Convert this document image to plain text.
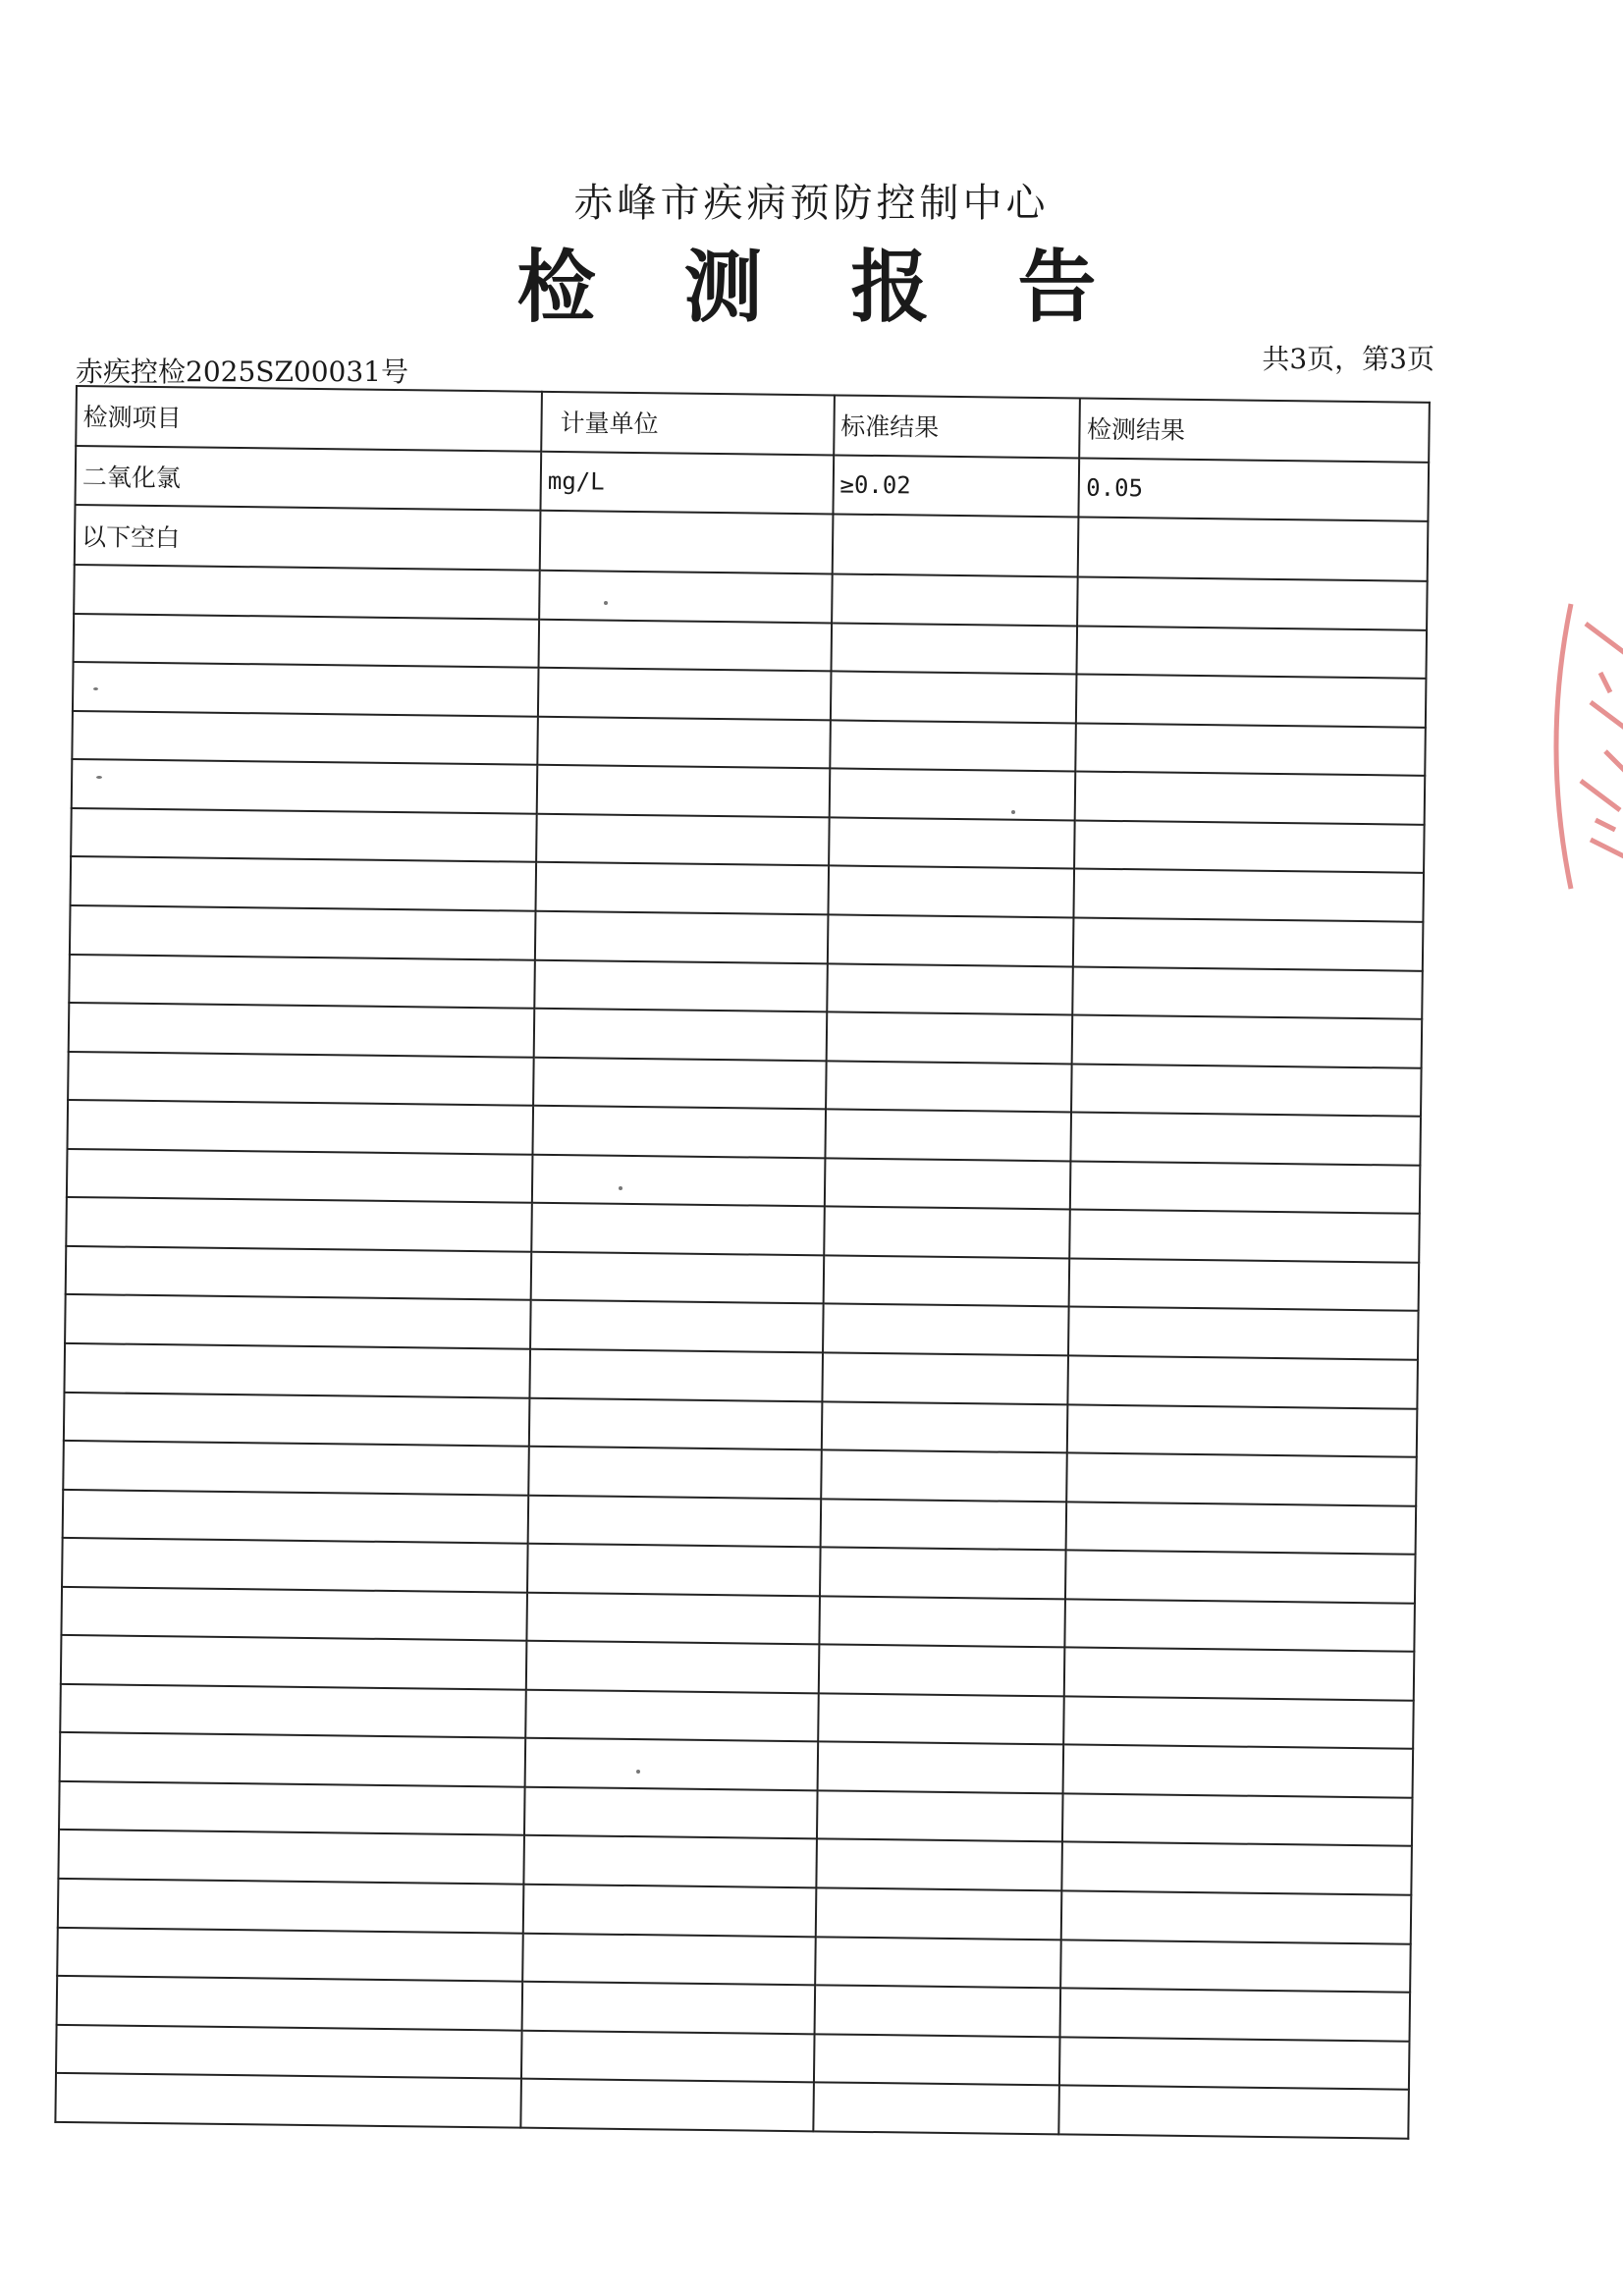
赤峰市疾病预防控制中心
检测报告
赤疾控检2025SZ00031号	共3页，第3页
检测项目	计量单位	标准结果	检测结果
二氧化氯	mg/L	≥0.02	0.05
以下空白			
